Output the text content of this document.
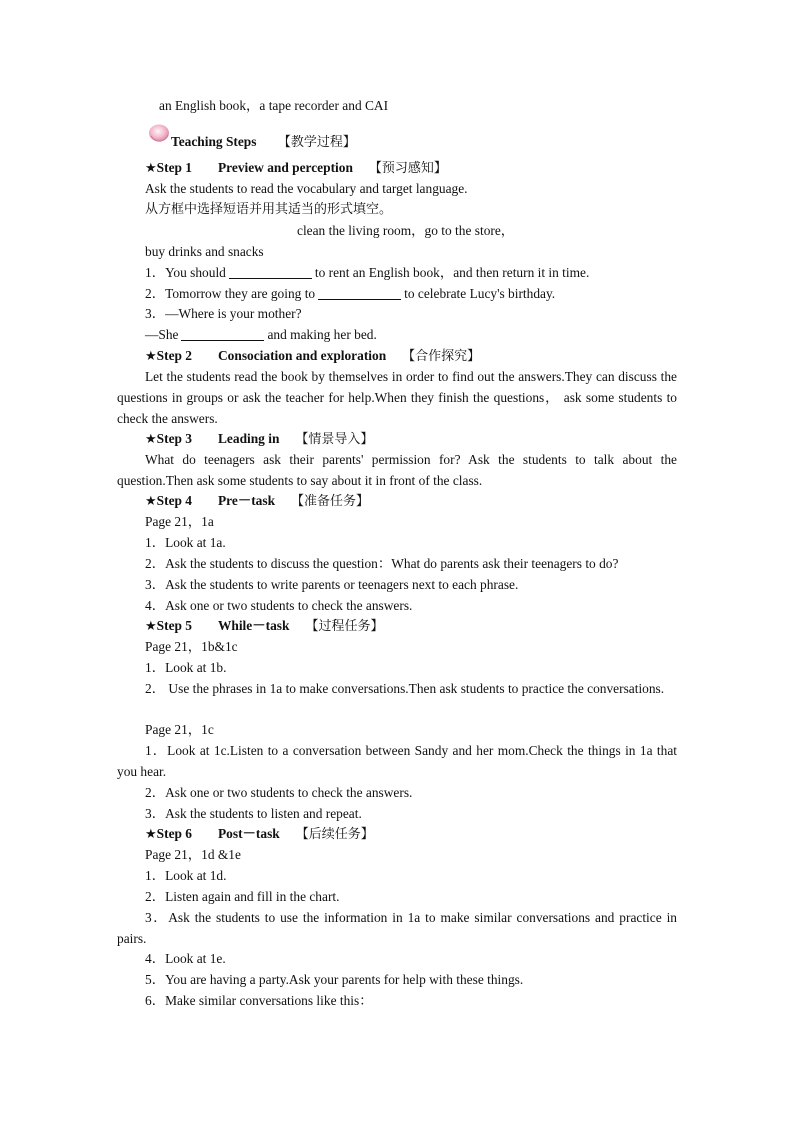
an English book，a tape recorder and CAI
Teaching Steps 【教学过程】
★Step 1 Preview and perception 【预习感知】
Ask the students to read the vocabulary and target language.
从方框中选择短语并用其适当的形式填空。
clean the living room，go to the store，
buy drinks and snacks
1．You should	to rent an English book，and then return it in time.
2．Tomorrow they are going to	to celebrate Lucy's birthday.
3．—Where is your mother?
—She	and making her bed.
★Step 2 Consociation and exploration 【合作探究】
Let the students read the book by themselves in order to find out the answers.They can discuss the questions in groups or ask the teacher for help.When they finish the questions， ask some students to check the answers.
★Step 3 Leading in 【情景导入】
What do teenagers ask their parents' permission for? Ask the students to talk about the question.Then ask some students to say about it in front of the class.
★Step 4 Pre－task 【准备任务】
Page 21，1a
1．Look at 1a.
2．Ask the students to discuss the question：What do parents ask their teenagers to do?
3．Ask the students to write parents or teenagers next to each phrase.
4．Ask one or two students to check the answers.
★Step 5 While－task 【过程任务】
Page 21，1b&1c
1．Look at 1b.
2． Use the phrases in 1a to make conversations.Then ask students to practice the conversations.
Page 21，1c
1．Look at 1c.Listen to a conversation between Sandy and her mom.Check the things in 1a that you hear.
2．Ask one or two students to check the answers.
3．Ask the students to listen and repeat.
★Step 6 Post－task 【后续任务】
Page 21，1d &1e
1．Look at 1d.
2．Listen again and fill in the chart.
3．Ask the students to use the information in 1a to make similar conversations and practice in pairs.
4．Look at 1e.
5．You are having a party.Ask your parents for help with these things.
6．Make similar conversations like this：
